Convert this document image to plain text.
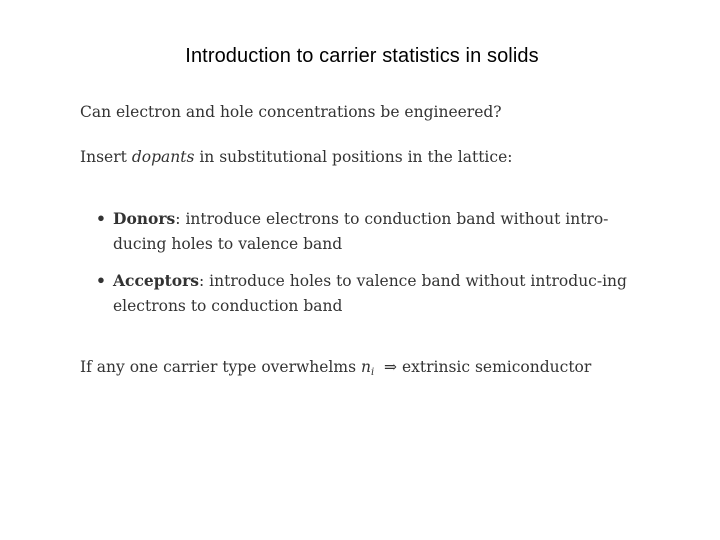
Introduction to carrier statistics in solids
Can electron and hole concentrations be engineered?
Insert dopants in substitutional positions in the lattice:
• Donors: introduce electrons to conduction band without intro-ducing holes to valence band
• Acceptors: introduce holes to valence band without introduc-ing electrons to conduction band
If any one carrier type overwhelms $n_i$ ⇒ extrinsic semiconductor
